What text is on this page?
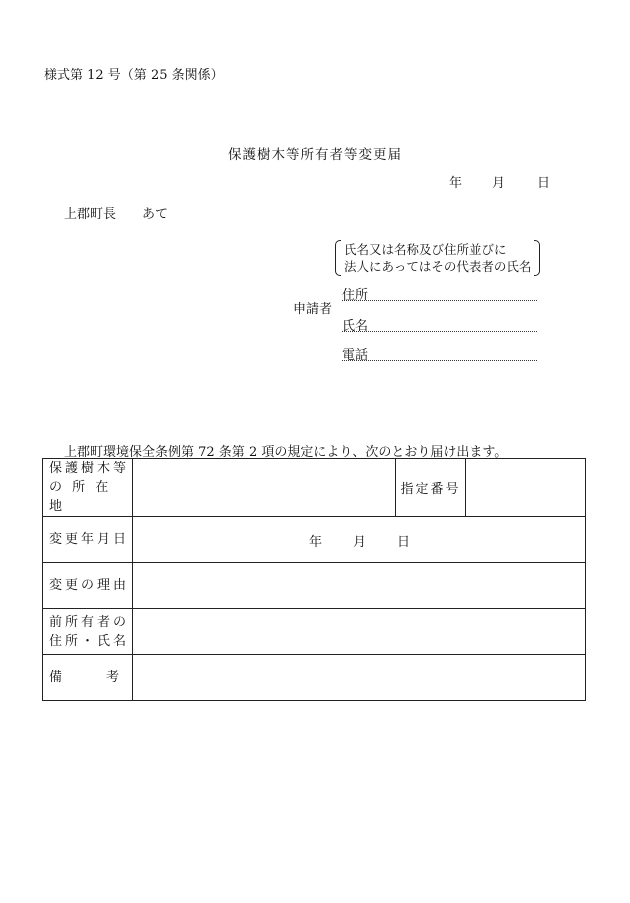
様式第 12 号（第 25 条関係）
保護樹木等所有者等変更届
年 月 日
上郡町長 あて
氏名又は名称及び住所並びに
法人にあってはその代表者の氏名
申請者
住所
氏名
電話
上郡町環境保全条例第 72 条第 2 項の規定により、次のとおり届け出ます。
保護樹木等
の 所 在 地		指定番号	
変更年月日	年 月 日		

変更の理由			

前所有者の
住所・氏名			

備 考			
